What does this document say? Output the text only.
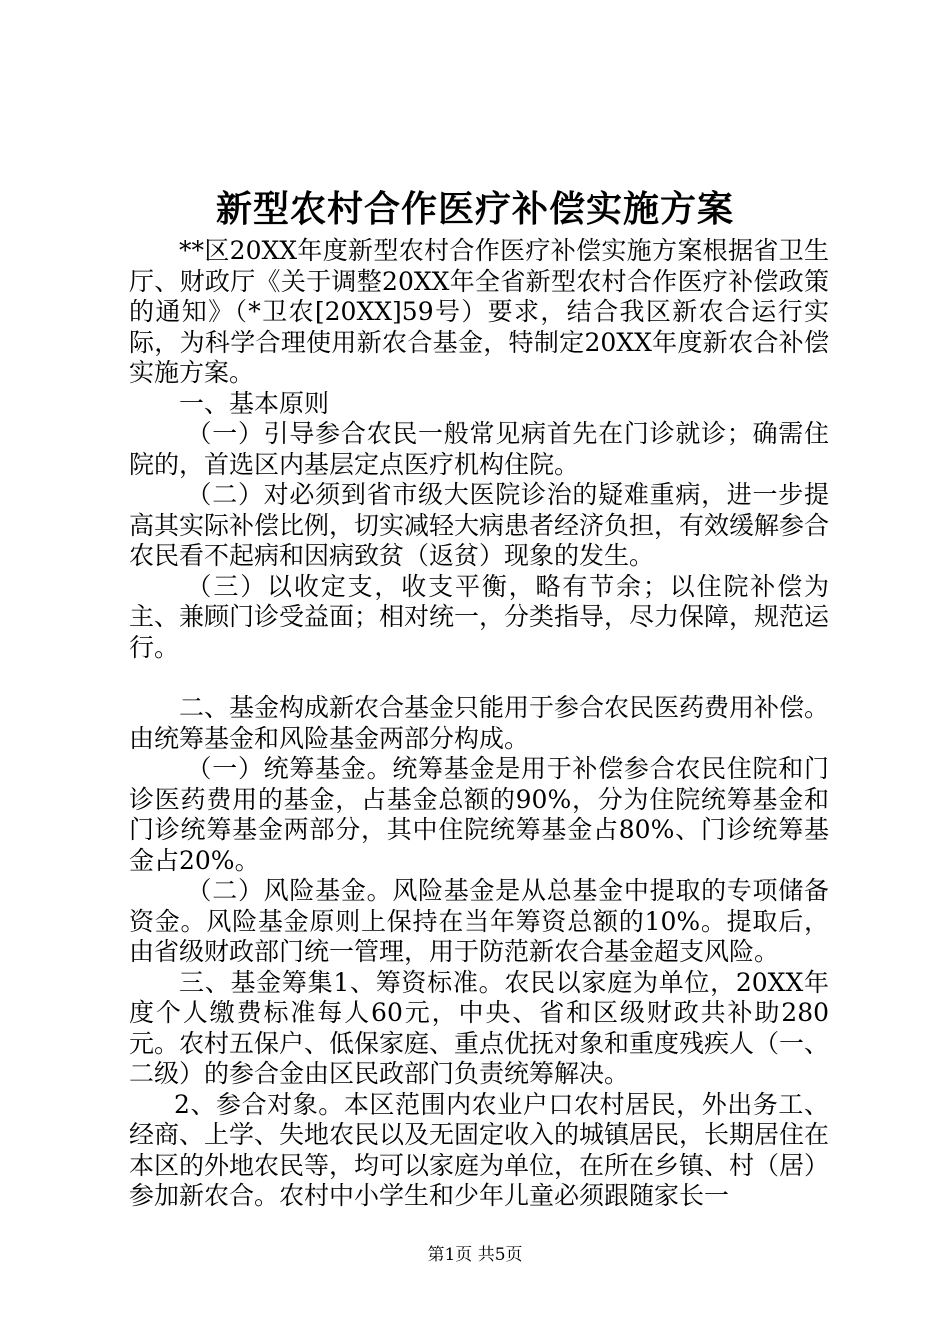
新型农村合作医疗补偿实施方案

**区20XX年度新型农村合作医疗补偿实施方案根据省卫生厅、财政厅《关于调整20XX年全省新型农村合作医疗补偿政策的通知》（*卫农[20XX]59号）要求，结合我区新农合运行实际，为科学合理使用新农合基金，特制定20XX年度新农合补偿实施方案。

一、基本原则

（一）引导参合农民一般常见病首先在门诊就诊；确需住院的，首选区内基层定点医疗机构住院。

（二）对必须到省市级大医院诊治的疑难重病，进一步提高其实际补偿比例，切实减轻大病患者经济负担，有效缓解参合农民看不起病和因病致贫（返贫）现象的发生。

（三）以收定支，收支平衡，略有节余；以住院补偿为主、兼顾门诊受益面；相对统一，分类指导，尽力保障，规范运行。

二、基金构成新农合基金只能用于参合农民医药费用补偿。由统筹基金和风险基金两部分构成。

（一）统筹基金。统筹基金是用于补偿参合农民住院和门诊医药费用的基金，占基金总额的90%，分为住院统筹基金和门诊统筹基金两部分，其中住院统筹基金占80%、门诊统筹基金占20%。

（二）风险基金。风险基金是从总基金中提取的专项储备资金。风险基金原则上保持在当年筹资总额的10%。提取后，由省级财政部门统一管理，用于防范新农合基金超支风险。

三、基金筹集1、筹资标准。农民以家庭为单位，20XX年度个人缴费标准每人60元，中央、省和区级财政共补助280元。农村五保户、低保家庭、重点优抚对象和重度残疾人（一、二级）的参合金由区民政部门负责统筹解决。

2、参合对象。本区范围内农业户口农村居民，外出务工、经商、上学、失地农民以及无固定收入的城镇居民，长期居住在本区的外地农民等，均可以家庭为单位，在所在乡镇、村（居）参加新农合。农村中小学生和少年儿童必须跟随家长一

第1页 共5页
